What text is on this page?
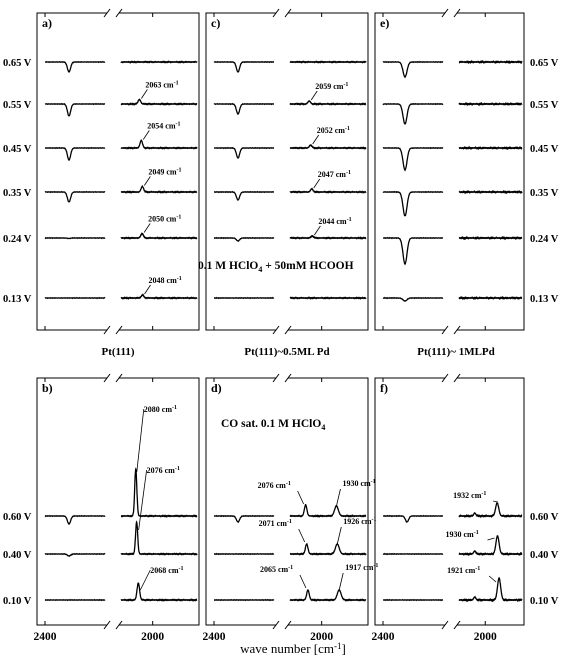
a)
2063 $cm^{-1}$
2054 $cm^{-1}$
2049 $cm^{-1}$
2050 $cm^{-1}$
2048 $cm^{-1}$
c)
2059 $cm^{-1}$
2052 $cm^{-1}$
2047 $cm^{-1}$
2044 $cm^{-1}$
e)
b)
2080 $cm^{-1}$
2076 $cm^{-1}$
2068 $cm^{-1}$
d)
2076 $cm^{-1}$	1930 $cm^{-1}$
2071 $cm^{-1}$	1926 $cm^{-1}$
2065 $cm^{-1}$	1917 $cm^{-1}$
f)
1932 $cm^{-1}$
1930 $cm^{-1}$
1921 $cm^{-1}$
0.65 V	0.65 V
0.55 V	0.55 V
0.45 V	0.45 V
0.35 V	0.35 V
0.24 V	0.24 V
0.13 V	0.13 V
0.60 V	0.60 V
0.40 V	0.40 V
0.10 V	0.10 V
Pt(111)	Pt(111)~0.5ML Pd	Pt(111)~ 1MLPd
0.1 M HClO$_4$ + 50mM HCOOH
CO sat. 0.1 M HClO$_4$
2400	2000	2400	2000	2400	2000
wave number $[cm^{-1}]$
